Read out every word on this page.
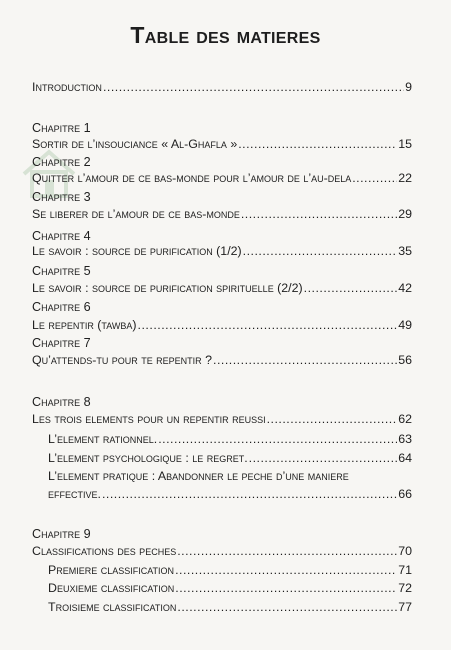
Table des matieres
Introduction .....	9
Chapitre 1
Sortir de l’insouciance « Al-Ghafla » .....	15
Chapitre 2
Quitter l’amour de ce bas-monde pour l’amour de l’au-dela .....	22
Chapitre 3
Se liberer de l’amour de ce bas-monde .....	29
Chapitre 4
Le savoir : source de purification (1/2) .....	35
Chapitre 5
Le savoir : source de purification spirituelle (2/2) .....	42
Chapitre 6
Le repentir (tawba) .....	49
Chapitre 7
Qu’attends-tu pour te repentir ? .....	56
Chapitre 8
Les trois elements pour un repentir reussi .....	62
L’element rationnel. .....	63
L’element psychologique : le regret. .....	64
L’element pratique : Abandonner le peche d’une maniere
effective. .....	66
Chapitre 9
Classifications des peches .....	70
Premiere classification .....	71
Deuxieme classification .....	72
Troisieme classification .....	77
